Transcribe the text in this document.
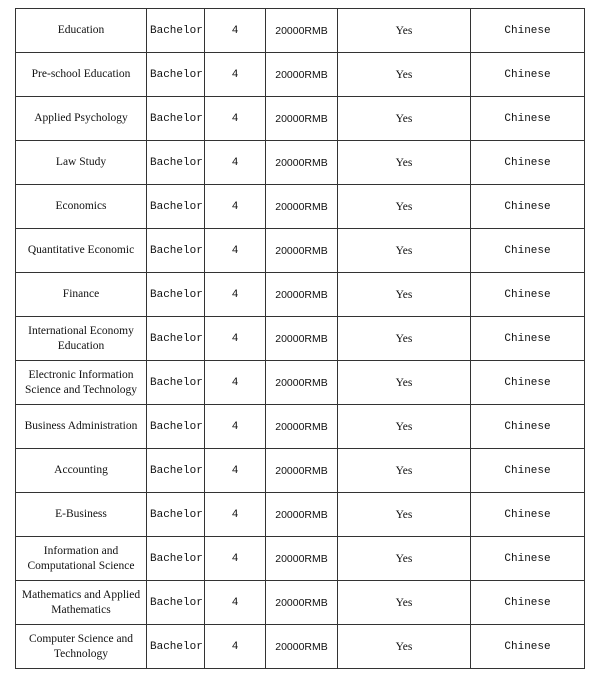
Education	Bachelor	4	20000RMB	Yes	Chinese
Pre-school Education	Bachelor	4	20000RMB	Yes	Chinese
Applied Psychology	Bachelor	4	20000RMB	Yes	Chinese
Law Study	Bachelor	4	20000RMB	Yes	Chinese
Economics	Bachelor	4	20000RMB	Yes	Chinese
Quantitative Economic	Bachelor	4	20000RMB	Yes	Chinese
Finance	Bachelor	4	20000RMB	Yes	Chinese
International Economy Education	Bachelor	4	20000RMB	Yes	Chinese
Electronic Information Science and Technology	Bachelor	4	20000RMB	Yes	Chinese
Business Administration	Bachelor	4	20000RMB	Yes	Chinese
Accounting	Bachelor	4	20000RMB	Yes	Chinese
E-Business	Bachelor	4	20000RMB	Yes	Chinese
Information and Computational Science	Bachelor	4	20000RMB	Yes	Chinese
Mathematics and Applied Mathematics	Bachelor	4	20000RMB	Yes	Chinese
Computer Science and Technology	Bachelor	4	20000RMB	Yes	Chinese
